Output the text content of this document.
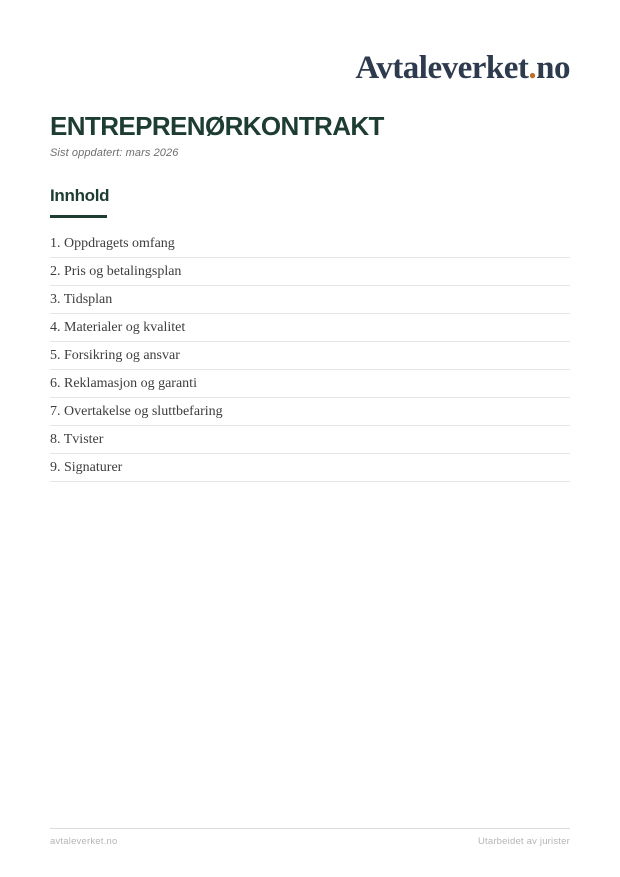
Avtaleverket.no
ENTREPRENØRKONTRAKT
Sist oppdatert: mars 2026
Innhold
1. Oppdragets omfang
2. Pris og betalingsplan
3. Tidsplan
4. Materialer og kvalitet
5. Forsikring og ansvar
6. Reklamasjon og garanti
7. Overtakelse og sluttbefaring
8. Tvister
9. Signaturer
avtaleverket.no	Utarbeidet av jurister
